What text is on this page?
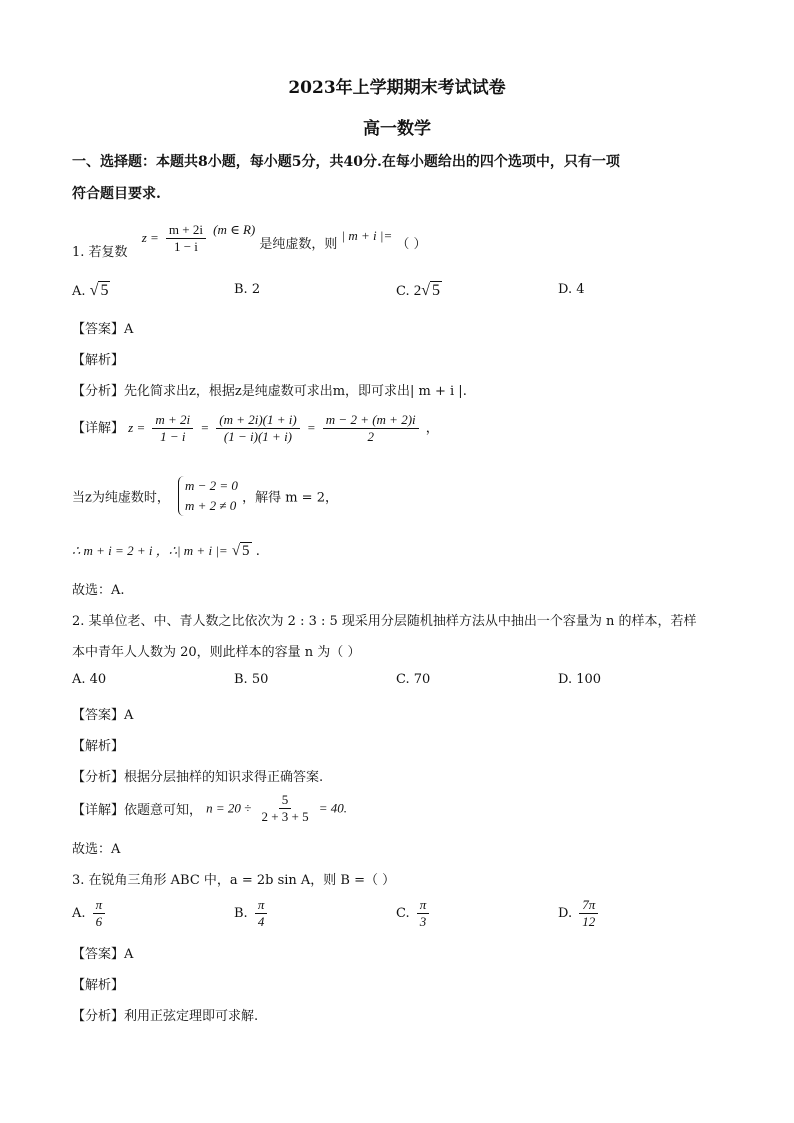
2023年上学期期末考试试卷
高一数学
一、选择题：本题共8小题，每小题5分，共40分.在每小题给出的四个选项中，只有一项
符合题目要求.
1. 若复数 $z = \frac{m + 2i}{1 - i} (m$ ∈ R) 是纯虚数，则 | m + i |= （ ）
A. √ 5	B. 2	C. 2√ 5	D. 4
【答案】A
【解析】
【分析】先化简求出z，根据z是纯虚数可求出m，即可求出| m + i |.
【详解】 $z = \frac{m + 2i}{1 - i} = \frac{(m + 2i)(1 + i)}{(1 - i)(1 + i)} = \frac{m - 2 + (m + 2)i}{2}$ ，
当z为纯虚数时，
m − 2 = 0
m + 2 ≠ 0 ，解得 m = 2，
∴ m + i = 2 + i ，∴| m + i |= √ 5 .
故选：A.
2. 某单位老、中、青人数之比依次为 2 : 3 : 5 现采用分层随机抽样方法从中抽出一个容量为 n 的样本，若样
本中青年人人数为 20，则此样本的容量 n 为（ ）
A. 40	B. 50	C. 70	D. 100
【答案】A
【解析】
【分析】根据分层抽样的知识求得正确答案.
【详解】依题意可知， $n = 20 \div \frac{5}{2 + 3 + 5} = 40$.
故选：A
3. 在锐角三角形 ABC 中，a = 2b sin A，则 B =（ ）
A. $\frac{\pi}{6}$	B. $\frac{\pi}{4}$	C. $\frac{\pi}{3}$	D. $\frac{7\pi}{12}$
【答案】A
【解析】
【分析】利用正弦定理即可求解.
